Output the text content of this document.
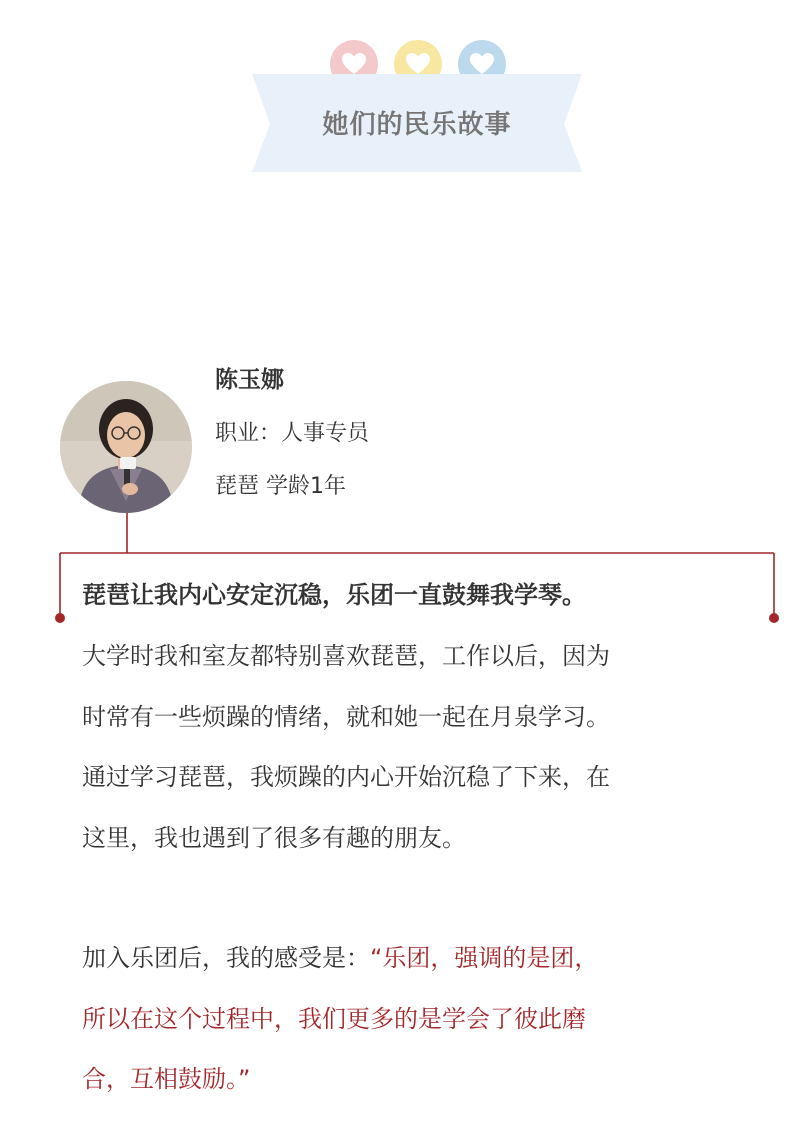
她们的民乐故事
陈玉娜
职业：人事专员
琵琶 学龄1年
琵琶让我内心安定沉稳，乐团一直鼓舞我学琴。
大学时我和室友都特别喜欢琵琶，工作以后，因为
时常有一些烦躁的情绪，就和她一起在月泉学习。
通过学习琵琶，我烦躁的内心开始沉稳了下来，在
这里，我也遇到了很多有趣的朋友。
加入乐团后，我的感受是：“乐团，强调的是团，
所以在这个过程中，我们更多的是学会了彼此磨
合，互相鼓励。”
